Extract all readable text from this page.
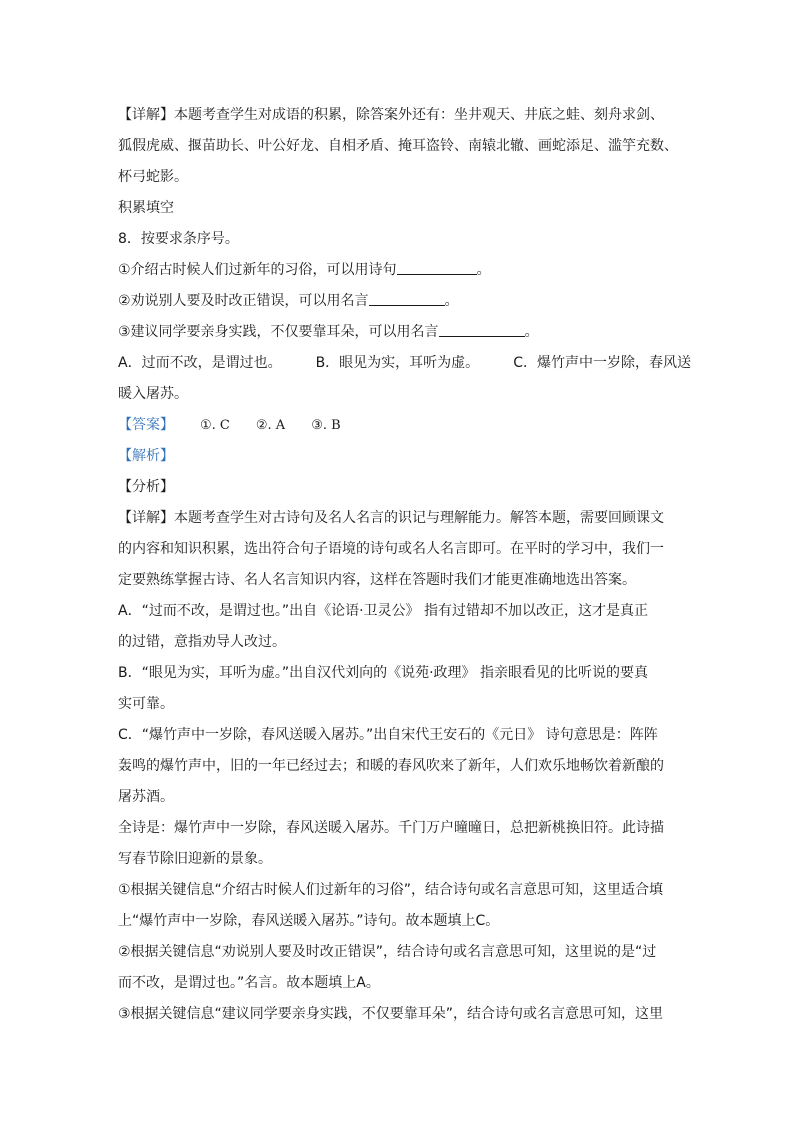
【详解】本题考查学生对成语的积累，除答案外还有：坐井观天、井底之蛙、刻舟求剑、
狐假虎威、揠苗助长、叶公好龙、自相矛盾、掩耳盗铃、南辕北辙、画蛇添足、滥竽充数、
杯弓蛇影。
积累填空
8．按要求条序号。
①介绍古时候人们过新年的习俗，可以用诗句	。
②劝说别人要及时改正错误，可以用名言	。
③建议同学要亲身实践，不仅要靠耳朵，可以用名言	。
A．过而不改，是谓过也。 B．眼见为实，耳听为虚。 C．爆竹声中一岁除，春风送
暖入屠苏。
【答案】 ①. C ②. A ③. B
【解析】
【分析】
【详解】本题考查学生对古诗句及名人名言的识记与理解能力。解答本题，需要回顾课文
的内容和知识积累，选出符合句子语境的诗句或名人名言即可。在平时的学习中，我们一
定要熟练掌握古诗、名人名言知识内容，这样在答题时我们才能更准确地选出答案。
A．“过而不改，是谓过也。”出自《论语·卫灵公》 指有过错却不加以改正，这才是真正
的过错，意指劝导人改过。
B．“眼见为实，耳听为虚。”出自汉代刘向的《说苑·政理》 指亲眼看见的比听说的要真
实可靠。
C．“爆竹声中一岁除，春风送暖入屠苏。”出自宋代王安石的《元日》 诗句意思是：阵阵
轰鸣的爆竹声中，旧的一年已经过去；和暖的春风吹来了新年，人们欢乐地畅饮着新酿的
屠苏酒。
全诗是：爆竹声中一岁除，春风送暖入屠苏。千门万户曈曈日，总把新桃换旧符。此诗描
写春节除旧迎新的景象。
①根据关键信息“介绍古时候人们过新年的习俗”，结合诗句或名言意思可知，这里适合填
上“爆竹声中一岁除，春风送暖入屠苏。”诗句。故本题填上C。
②根据关键信息“劝说别人要及时改正错误”，结合诗句或名言意思可知，这里说的是“过
而不改，是谓过也。”名言。故本题填上A。
③根据关键信息“建议同学要亲身实践，不仅要靠耳朵”，结合诗句或名言意思可知，这里
